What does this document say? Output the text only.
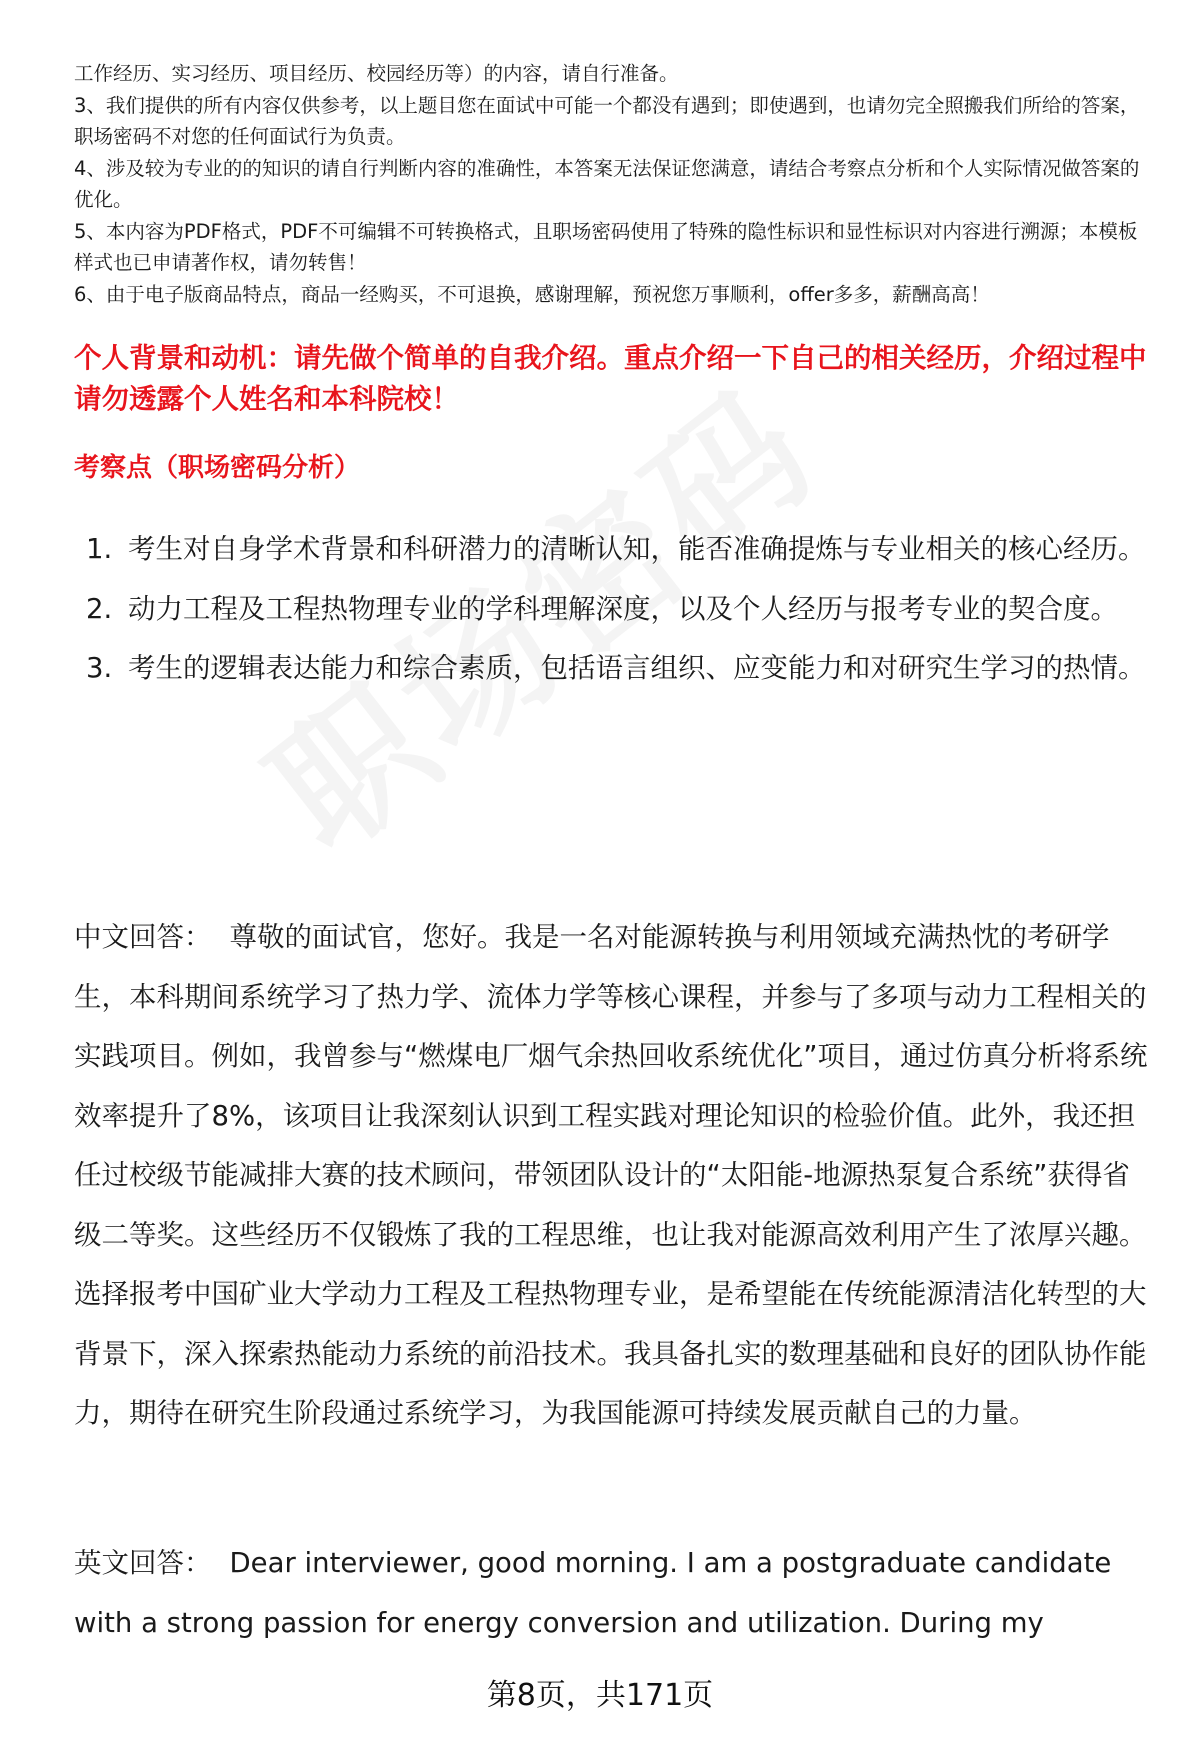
工作经历、实习经历、项目经历、校园经历等）的内容，请自行准备。

3、我们提供的所有内容仅供参考，以上题目您在面试中可能一个都没有遇到；即使遇到，也请勿完全照搬我们所给的答案，职场密码不对您的任何面试行为负责。

4、涉及较为专业的的知识的请自行判断内容的准确性，本答案无法保证您满意，请结合考察点分析和个人实际情况做答案的优化。

5、本内容为PDF格式，PDF不可编辑不可转换格式，且职场密码使用了特殊的隐性标识和显性标识对内容进行溯源；本模板样式也已申请著作权，请勿转售！

6、由于电子版商品特点，商品一经购买，不可退换，感谢理解，预祝您万事顺利，offer多多，薪酬高高！

个人背景和动机：请先做个简单的自我介绍。重点介绍一下自己的相关经历，介绍过程中请勿透露个人姓名和本科院校！
考察点（职场密码分析）
1. 考生对自身学术背景和科研潜力的清晰认知，能否准确提炼与专业相关的核心经历。
2. 动力工程及工程热物理专业的学科理解深度，以及个人经历与报考专业的契合度。
3. 考生的逻辑表达能力和综合素质，包括语言组织、应变能力和对研究生学习的热情。

中文回答： 尊敬的面试官，您好。我是一名对能源转换与利用领域充满热忱的考研学生，本科期间系统学习了热力学、流体力学等核心课程，并参与了多项与动力工程相关的实践项目。例如，我曾参与“燃煤电厂烟气余热回收系统优化”项目，通过仿真分析将系统效率提升了8%，该项目让我深刻认识到工程实践对理论知识的检验价值。此外，我还担任过校级节能减排大赛的技术顾问，带领团队设计的“太阳能-地源热泵复合系统”获得省级二等奖。这些经历不仅锻炼了我的工程思维，也让我对能源高效利用产生了浓厚兴趣。选择报考中国矿业大学动力工程及工程热物理专业，是希望能在传统能源清洁化转型的大背景下，深入探索热能动力系统的前沿技术。我具备扎实的数理基础和良好的团队协作能力，期待在研究生阶段通过系统学习，为我国能源可持续发展贡献自己的力量。

英文回答： Dear interviewer, good morning. I am a postgraduate candidate with a strong passion for energy conversion and utilization. During my

第8页，共171页
